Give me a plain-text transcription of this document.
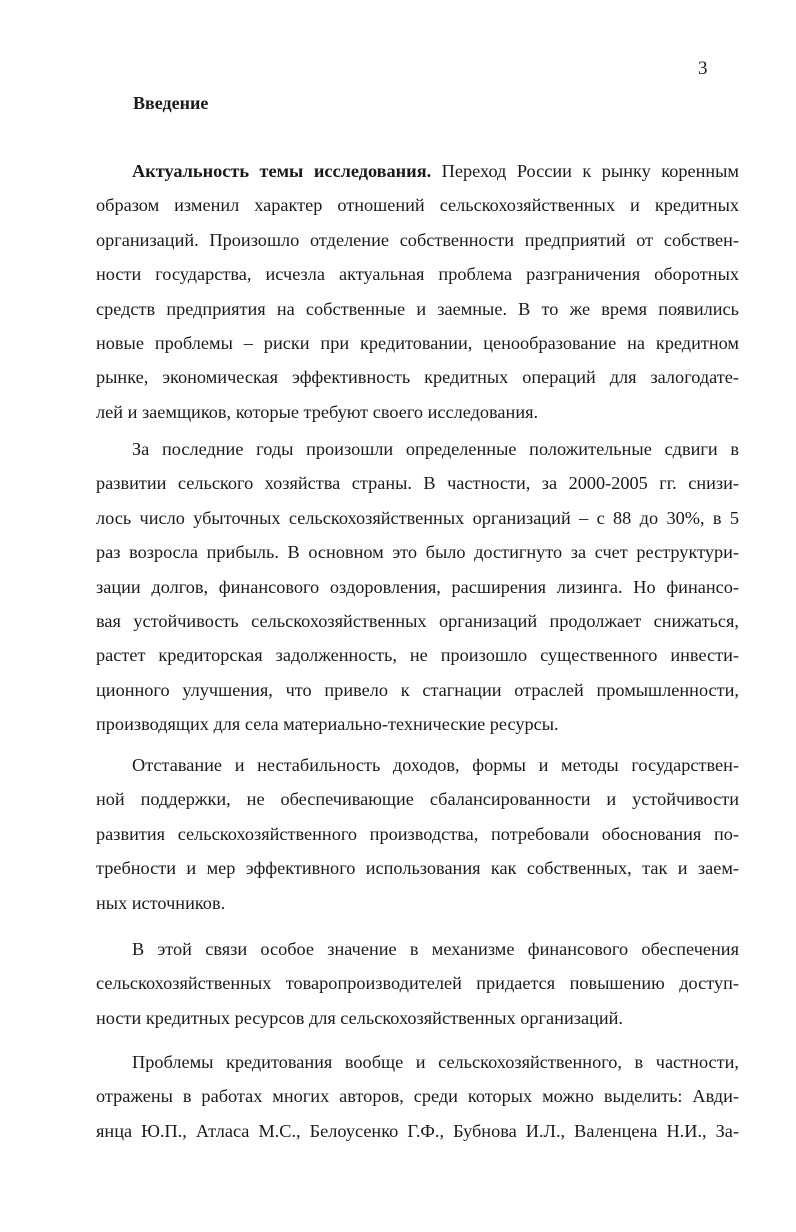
3
Введение
Актуальность темы исследования. Переход России к рынку коренным
образом изменил характер отношений сельскохозяйственных и кредитных
организаций. Произошло отделение собственности предприятий от собствен-
ности государства, исчезла актуальная проблема разграничения оборотных
средств предприятия на собственные и заемные. В то же время появились
новые проблемы – риски при кредитовании, ценообразование на кредитном
рынке, экономическая эффективность кредитных операций для залогодате-
лей и заемщиков, которые требуют своего исследования.
За последние годы произошли определенные положительные сдвиги в
развитии сельского хозяйства страны. В частности, за 2000-2005 гг. снизи-
лось число убыточных сельскохозяйственных организаций – с 88 до 30%, в 5
раз возросла прибыль. В основном это было достигнуто за счет реструктури-
зации долгов, финансового оздоровления, расширения лизинга. Но финансо-
вая устойчивость сельскохозяйственных организаций продолжает снижаться,
растет кредиторская задолженность, не произошло существенного инвести-
ционного улучшения, что привело к стагнации отраслей промышленности,
производящих для села материально-технические ресурсы.
Отставание и нестабильность доходов, формы и методы государствен-
ной поддержки, не обеспечивающие сбалансированности и устойчивости
развития сельскохозяйственного производства, потребовали обоснования по-
требности и мер эффективного использования как собственных, так и заем-
ных источников.
В этой связи особое значение в механизме финансового обеспечения
сельскохозяйственных товаропроизводителей придается повышению доступ-
ности кредитных ресурсов для сельскохозяйственных организаций.
Проблемы кредитования вообще и сельскохозяйственного, в частности,
отражены в работах многих авторов, среди которых можно выделить: Авди-
янца Ю.П., Атласа М.С., Белоусенко Г.Ф., Бубнова И.Л., Валенцена Н.И., За-
